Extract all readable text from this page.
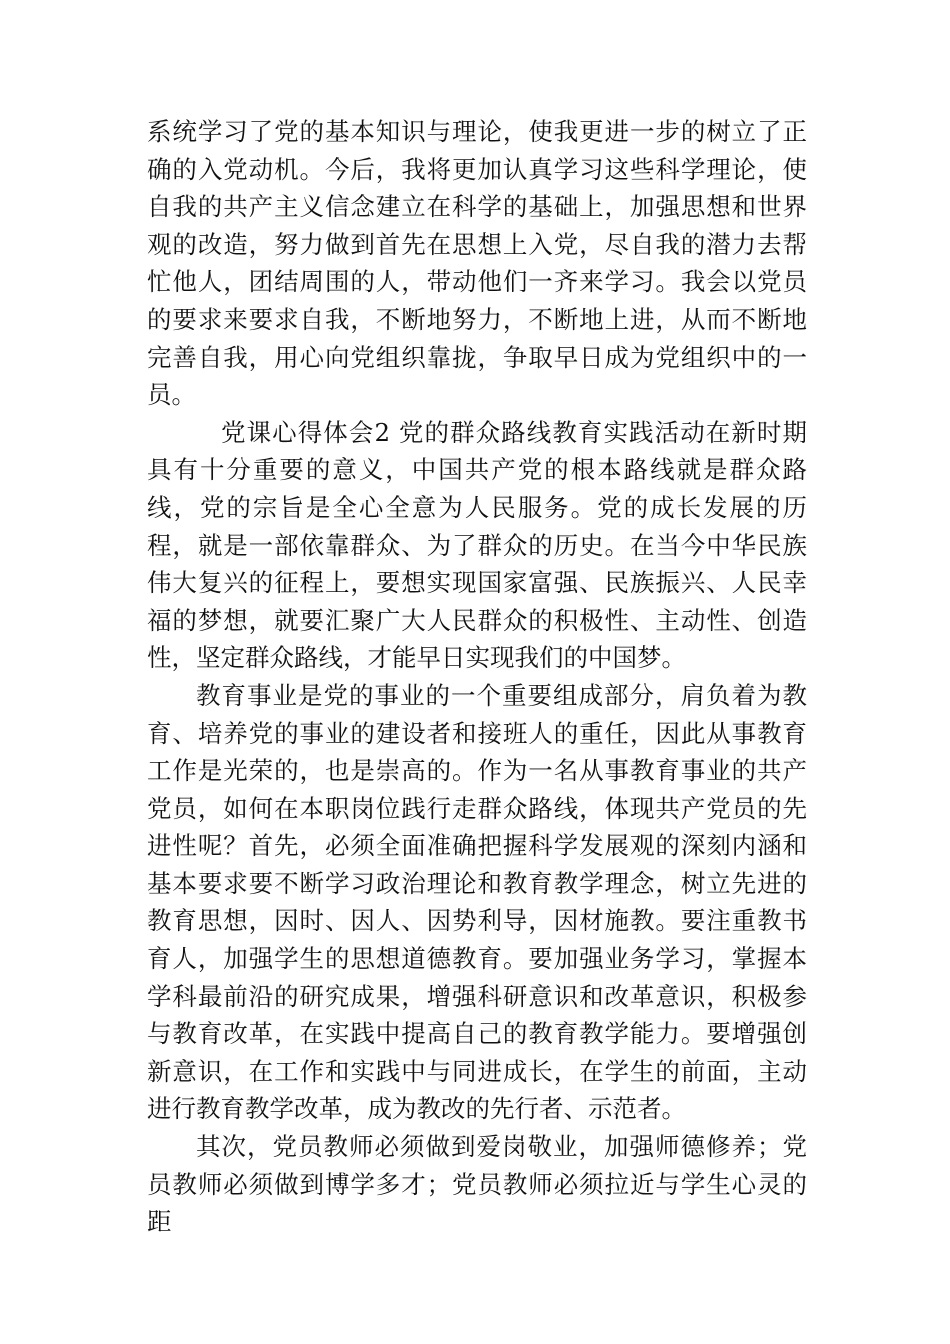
系统学习了党的基本知识与理论，使我更进一步的树立了正确的入党动机。今后，我将更加认真学习这些科学理论，使自我的共产主义信念建立在科学的基础上，加强思想和世界观的改造，努力做到首先在思想上入党，尽自我的潜力去帮忙他人，团结周围的人，带动他们一齐来学习。我会以党员的要求来要求自我，不断地努力，不断地上进，从而不断地完善自我，用心向党组织靠拢，争取早日成为党组织中的一员。

党课心得体会2 党的群众路线教育实践活动在新时期具有十分重要的意义，中国共产党的根本路线就是群众路线，党的宗旨是全心全意为人民服务。党的成长发展的历程，就是一部依靠群众、为了群众的历史。在当今中华民族伟大复兴的征程上，要想实现国家富强、民族振兴、人民幸福的梦想，就要汇聚广大人民群众的积极性、主动性、创造性，坚定群众路线，才能早日实现我们的中国梦。

教育事业是党的事业的一个重要组成部分，肩负着为教育、培养党的事业的建设者和接班人的重任，因此从事教育工作是光荣的，也是崇高的。作为一名从事教育事业的共产党员，如何在本职岗位践行走群众路线，体现共产党员的先进性呢？首先，必须全面准确把握科学发展观的深刻内涵和基本要求要不断学习政治理论和教育教学理念，树立先进的教育思想，因时、因人、因势利导，因材施教。要注重教书育人，加强学生的思想道德教育。要加强业务学习，掌握本学科最前沿的研究成果，增强科研意识和改革意识，积极参与教育改革，在实践中提高自己的教育教学能力。要增强创新意识，在工作和实践中与同进成长，在学生的前面，主动进行教育教学改革，成为教改的先行者、示范者。

其次，党员教师必须做到爱岗敬业，加强师德修养；党员教师必须做到博学多才；党员教师必须拉近与学生心灵的距
